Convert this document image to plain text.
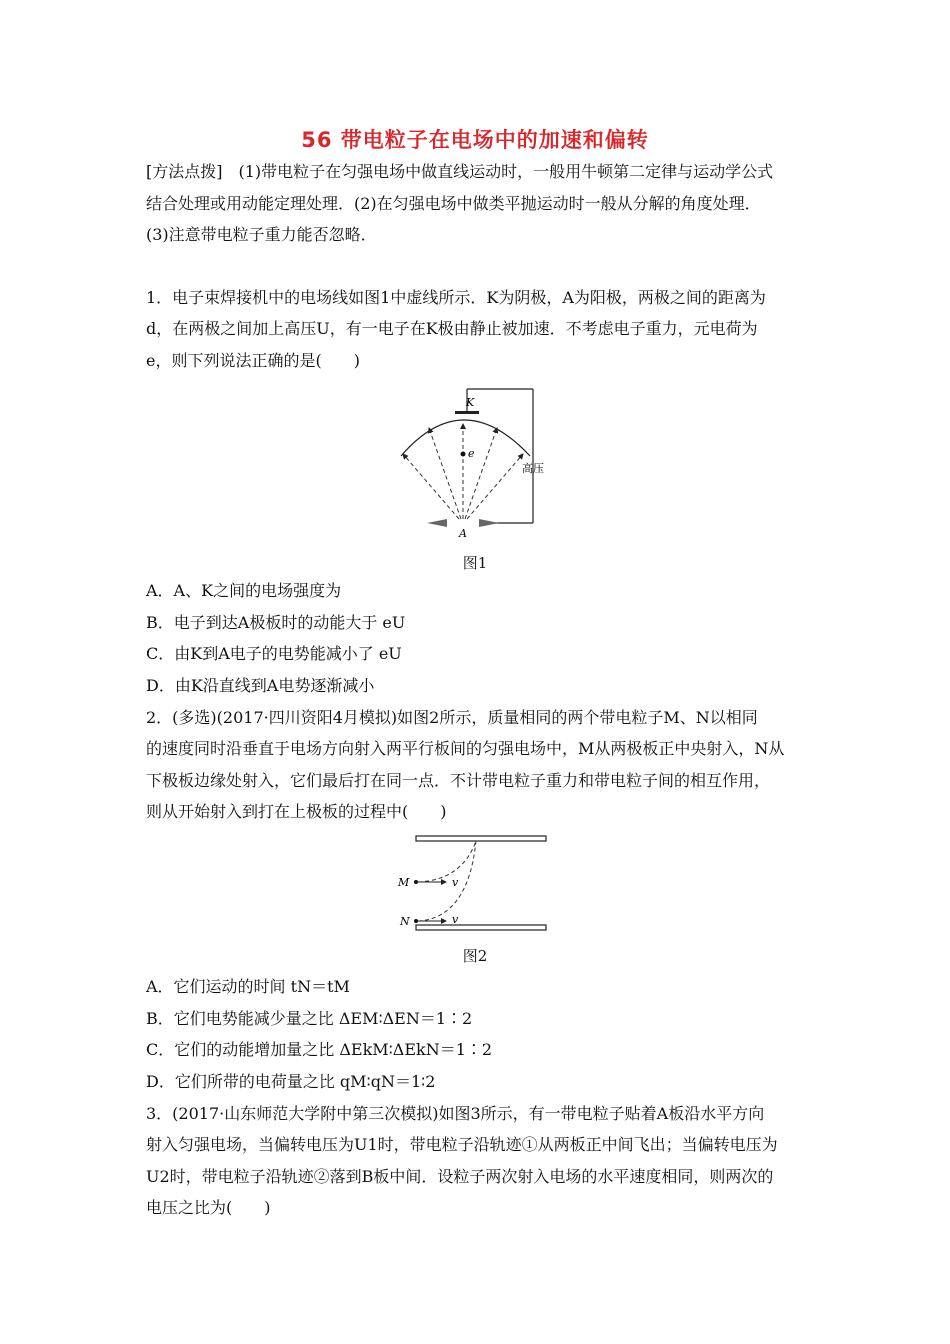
56 带电粒子在电场中的加速和偏转
[方法点拨]　(1)带电粒子在匀强电场中做直线运动时，一般用牛顿第二定律与运动学公式
结合处理或用动能定理处理．(2)在匀强电场中做类平抛运动时一般从分解的角度处理．
(3)注意带电粒子重力能否忽略．
1．电子束焊接机中的电场线如图1中虚线所示．K为阴极，A为阳极，两极之间的距离为
d，在两极之间加上高压U，有一电子在K极由静止被加速．不考虑电子重力，元电荷为
e，则下列说法正确的是(　　)
K
e
A
高压
图1
A．A、K之间的电场强度为
B．电子到达A极板时的动能大于 eU
C．由K到A电子的电势能减小了 eU
D．由K沿直线到A电势逐渐减小
2．(多选)(2017·四川资阳4月模拟)如图2所示，质量相同的两个带电粒子M、N以相同
的速度同时沿垂直于电场方向射入两平行板间的匀强电场中，M从两极板正中央射入，N从
下极板边缘处射入，它们最后打在同一点．不计带电粒子重力和带电粒子间的相互作用，
则从开始射入到打在上极板的过程中(　　)
M
N
v
v
图2
A．它们运动的时间 tN＝tM
B．它们电势能减少量之比 ΔEM∶ΔEN＝1∶2
C．它们的动能增加量之比 ΔEkM∶ΔEkN＝1∶2
D．它们所带的电荷量之比 qM∶qN＝1∶2
3．(2017·山东师范大学附中第三次模拟)如图3所示，有一带电粒子贴着A板沿水平方向
射入匀强电场，当偏转电压为U1时，带电粒子沿轨迹①从两板正中间飞出；当偏转电压为
U2时，带电粒子沿轨迹②落到B板中间．设粒子两次射入电场的水平速度相同，则两次的
电压之比为(　　)
